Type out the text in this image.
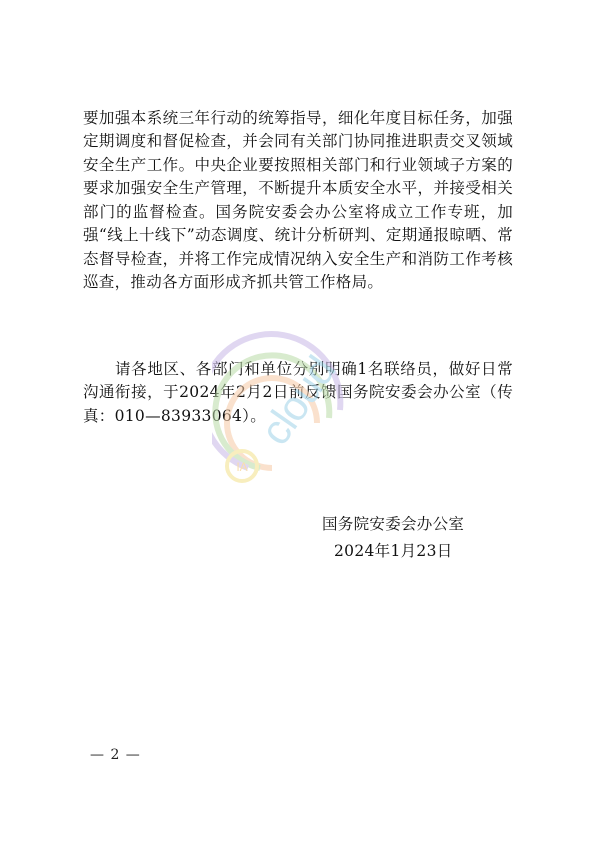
要加强本系统三年行动的统筹指导，细化年度目标任务，加强定期调度和督促检查，并会同有关部门协同推进职责交叉领域安全生产工作。中央企业要按照相关部门和行业领域子方案的要求加强安全生产管理，不断提升本质安全水平，并接受相关部门的监督检查。国务院安委会办公室将成立工作专班，加强“线上十线下”动态调度、统计分析研判、定期通报晾晒、常态督导检查，并将工作完成情况纳入安全生产和消防工作考核巡查，推动各方面形成齐抓共管工作格局。

请各地区、各部门和单位分别明确1名联络员，做好日常沟通衔接，于2024年2月2日前反馈国务院安委会办公室（传真：010—83933064）。

国务院安委会办公室
2024年1月23日
— 2 —
IA
cloud
